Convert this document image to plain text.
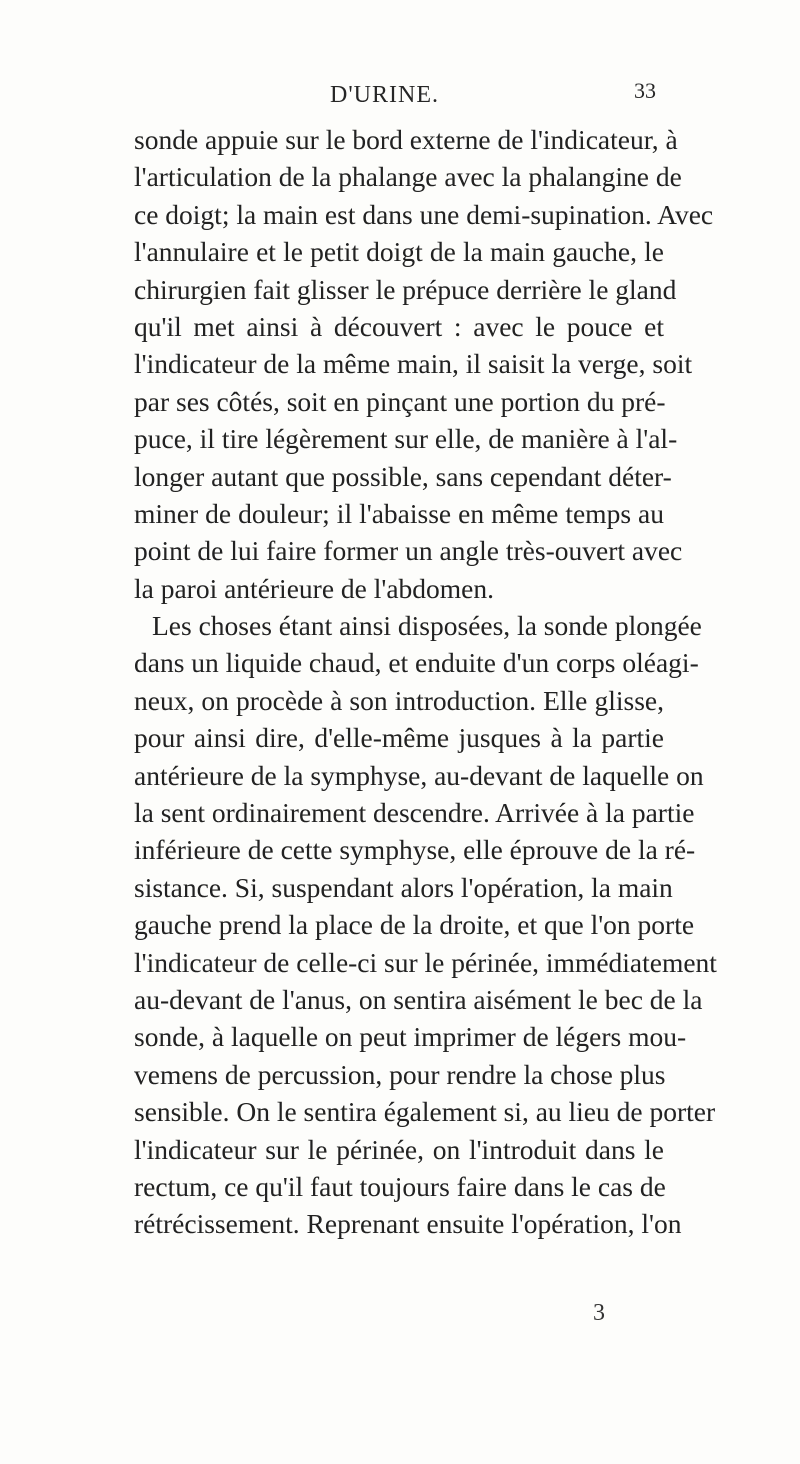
D'URINE.	33
sonde appuie sur le bord externe de l'indicateur, à
l'articulation de la phalange avec la phalangine de
ce doigt; la main est dans une demi-supination. Avec
l'annulaire et le petit doigt de la main gauche, le
chirurgien fait glisser le prépuce derrière le gland
qu'il met ainsi à découvert : avec le pouce et
l'indicateur de la même main, il saisit la verge, soit
par ses côtés, soit en pinçant une portion du pré-
puce, il tire légèrement sur elle, de manière à l'al-
longer autant que possible, sans cependant déter-
miner de douleur; il l'abaisse en même temps au
point de lui faire former un angle très-ouvert avec
la paroi antérieure de l'abdomen.
Les choses étant ainsi disposées, la sonde plongée
dans un liquide chaud, et enduite d'un corps oléagi-
neux, on procède à son introduction. Elle glisse,
pour ainsi dire, d'elle-même jusques à la partie
antérieure de la symphyse, au-devant de laquelle on
la sent ordinairement descendre. Arrivée à la partie
inférieure de cette symphyse, elle éprouve de la ré-
sistance. Si, suspendant alors l'opération, la main
gauche prend la place de la droite, et que l'on porte
l'indicateur de celle-ci sur le périnée, immédiatement
au-devant de l'anus, on sentira aisément le bec de la
sonde, à laquelle on peut imprimer de légers mou-
vemens de percussion, pour rendre la chose plus
sensible. On le sentira également si, au lieu de porter
l'indicateur sur le périnée, on l'introduit dans le
rectum, ce qu'il faut toujours faire dans le cas de
rétrécissement. Reprenant ensuite l'opération, l'on
3
